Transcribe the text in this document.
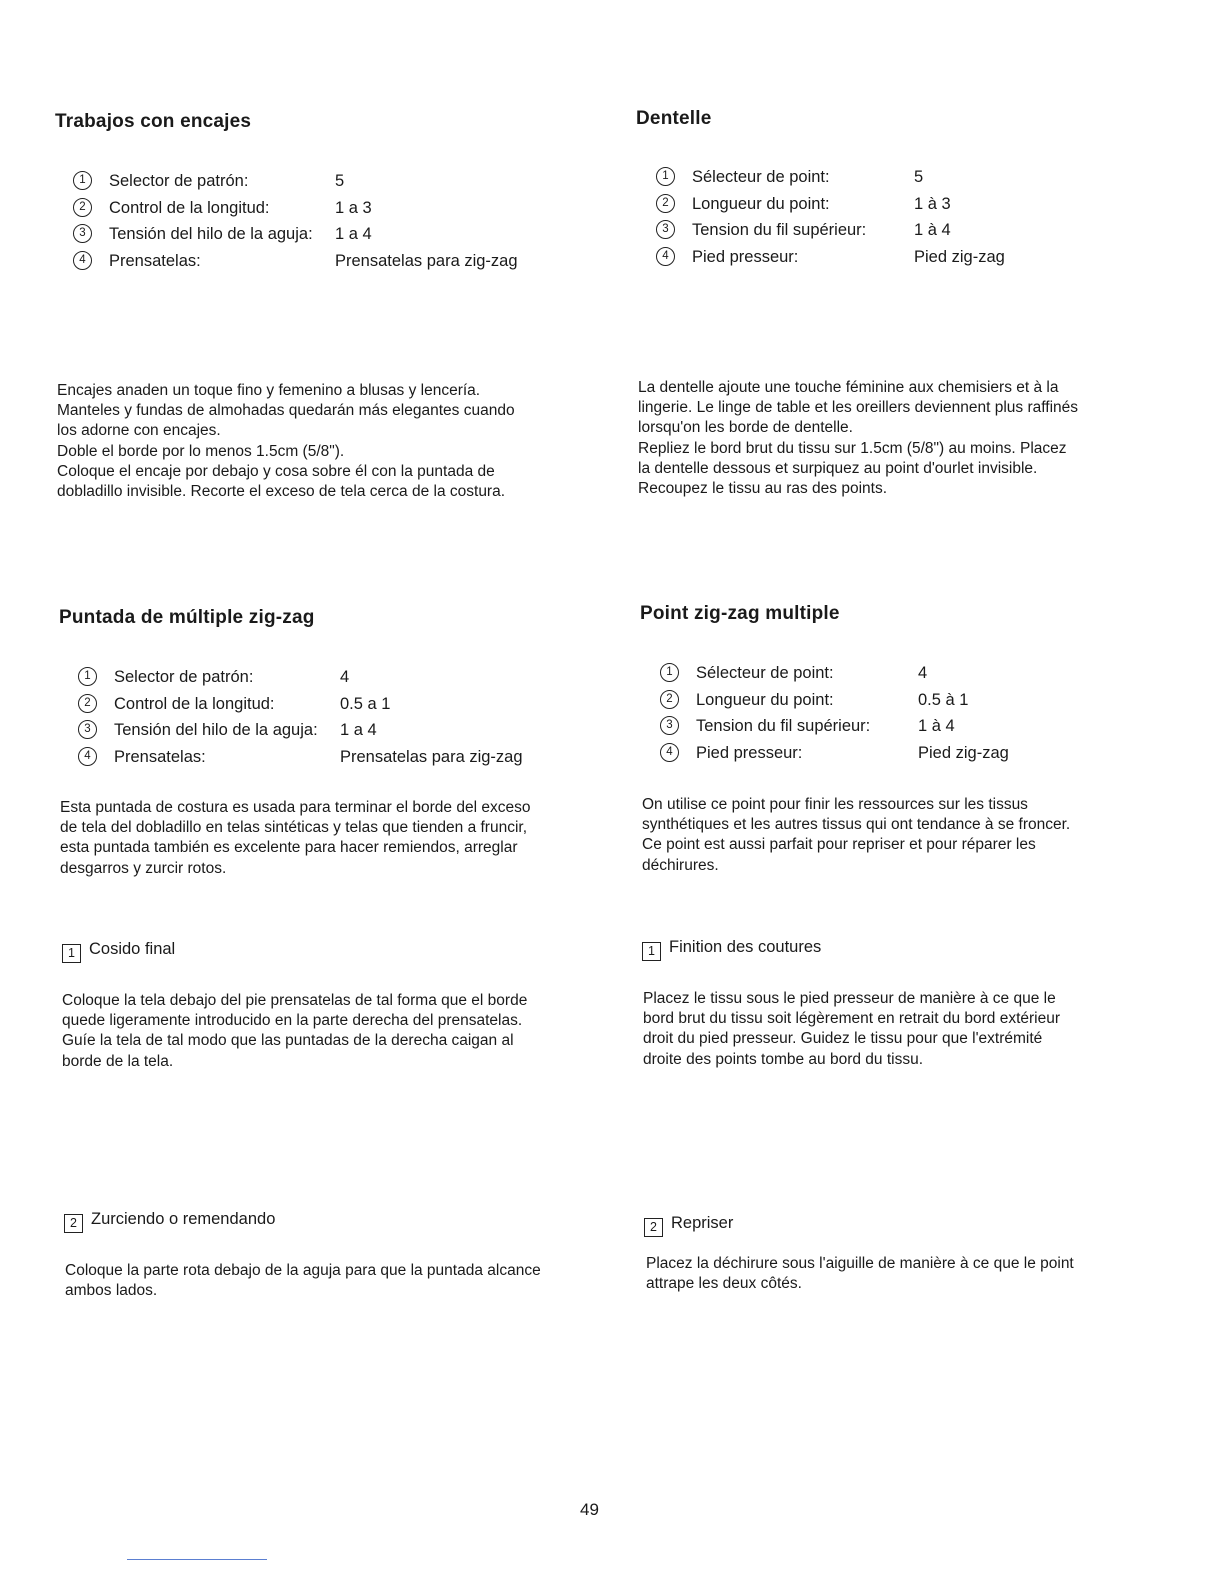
Trabajos con encajes
1	Selector de patrón:	5
2	Control de la longitud:	1 a 3
3	Tensión del hilo de la aguja: 1 a 4
4	Prensatelas:	Prensatelas para zig-zag

Encajes anaden un toque fino y femenino a blusas y lencería.

Manteles y fundas de almohadas quedarán más elegantes cuando

los adorne con encajes.

Doble el borde por lo menos 1.5cm (5/8").

Coloque el encaje por debajo y cosa sobre él con la puntada de

dobladillo invisible. Recorte el exceso de tela cerca de la costura.

Puntada de múltiple zig-zag
1	Selector de patrón:	4
2	Control de la longitud:	0.5 a 1
3	Tensión del hilo de la aguja: 1 a 4
4	Prensatelas:	Prensatelas para zig-zag

Esta puntada de costura es usada para terminar el borde del exceso

de tela del dobladillo en telas sintéticas y telas que tienden a fruncir,

esta puntada también es excelente para hacer remiendos, arreglar

desgarros y zurcir rotos.

1 Cosido final

Coloque la tela debajo del pie prensatelas de tal forma que el borde

quede ligeramente introducido en la parte derecha del prensatelas.

Guíe la tela de tal modo que las puntadas de la derecha caigan al

borde de la tela.

2 Zurciendo o remendando

Coloque la parte rota debajo de la aguja para que la puntada alcance

ambos lados.

Dentelle
1	Sélecteur de point:	5
2	Longueur du point:	1 à 3
3	Tension du fil supérieur:	1 à 4
4	Pied presseur:	Pied zig-zag

La dentelle ajoute une touche féminine aux chemisiers et à la

lingerie. Le linge de table et les oreillers deviennent plus raffinés

lorsqu'on les borde de dentelle.

Repliez le bord brut du tissu sur 1.5cm (5/8") au moins. Placez

la dentelle dessous et surpiquez au point d'ourlet invisible.

Recoupez le tissu au ras des points.

Point zig-zag multiple
1	Sélecteur de point:	4
2	Longueur du point:	0.5 à 1
3	Tension du fil supérieur:	1 à 4
4	Pied presseur:	Pied zig-zag

On utilise ce point pour finir les ressources sur les tissus

synthétiques et les autres tissus qui ont tendance à se froncer.

Ce point est aussi parfait pour repriser et pour réparer les

déchirures.

1 Finition des coutures

Placez le tissu sous le pied presseur de manière à ce que le

bord brut du tissu soit légèrement en retrait du bord extérieur

droit du pied presseur. Guidez le tissu pour que l'extrémité

droite des points tombe au bord du tissu.

2 Repriser

Placez la déchirure sous l'aiguille de manière à ce que le point

attrape les deux côtés.

49
